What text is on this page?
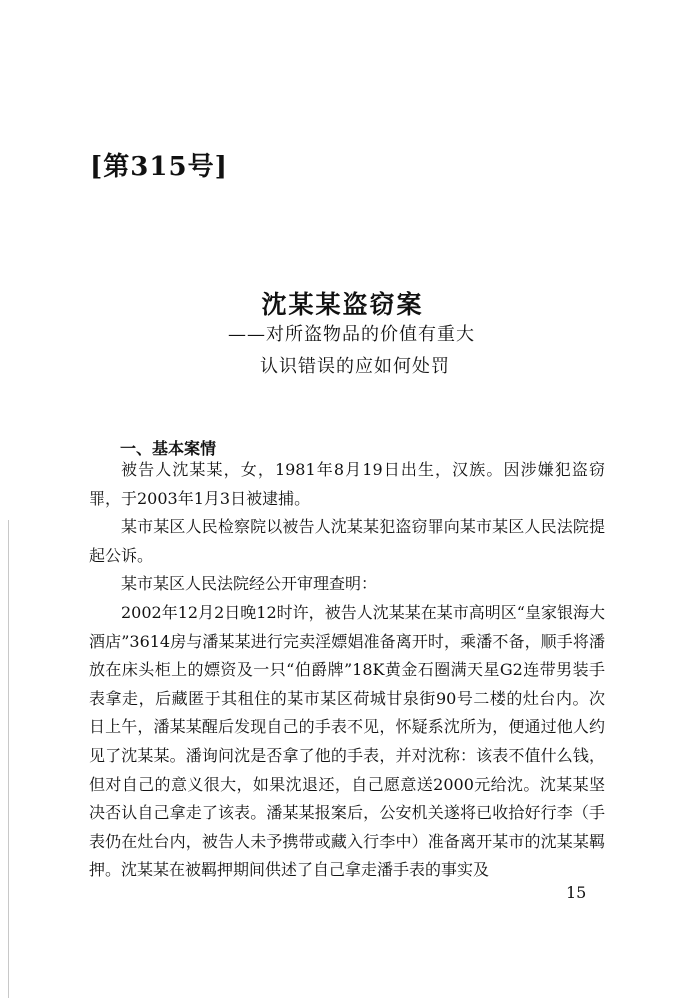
[第315号]
沈某某盗窃案
——对所盗物品的价值有重大
认识错误的应如何处罚
一、基本案情

被告人沈某某，女，1981年8月19日出生，汉族。因涉嫌犯盗窃罪，于2003年1月3日被逮捕。

某市某区人民检察院以被告人沈某某犯盗窃罪向某市某区人民法院提起公诉。

某市某区人民法院经公开审理查明：

2002年12月2日晚12时许，被告人沈某某在某市高明区“皇家银海大酒店”3614房与潘某某进行完卖淫嫖娼准备离开时，乘潘不备，顺手将潘放在床头柜上的嫖资及一只“伯爵牌”18K黄金石圈满天星G2连带男装手表拿走，后藏匿于其租住的某市某区荷城甘泉街90号二楼的灶台内。次日上午，潘某某醒后发现自己的手表不见，怀疑系沈所为，便通过他人约见了沈某某。潘询问沈是否拿了他的手表，并对沈称：该表不值什么钱，但对自己的意义很大，如果沈退还，自己愿意送2000元给沈。沈某某坚决否认自己拿走了该表。潘某某报案后，公安机关遂将已收拾好行李（手表仍在灶台内，被告人未予携带或藏入行李中）准备离开某市的沈某某羁押。沈某某在被羁押期间供述了自己拿走潘手表的事实及

15
